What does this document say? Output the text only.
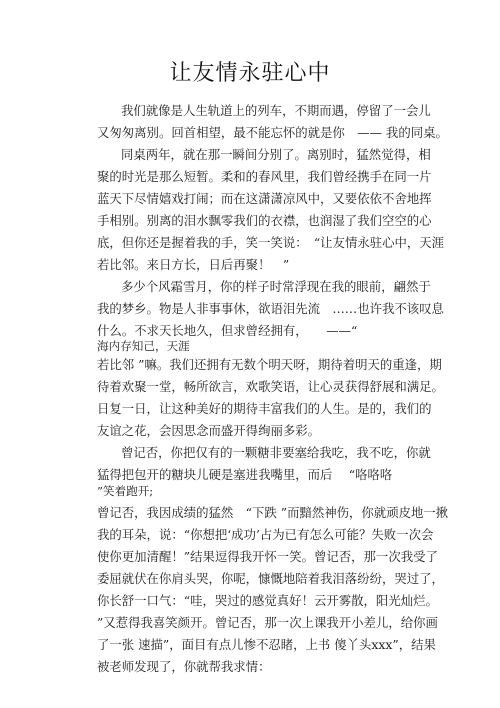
让友情永驻心中
我们就像是人生轨道上的列车，不期而遇，停留了一会儿
又匆匆离别。回首相望，最不能忘怀的就是你　—— 我的同桌。
同桌两年，就在那一瞬间分别了。离别时，猛然觉得，相
聚的时光是那么短暂。柔和的春风里，我们曾经携手在同一片
蓝天下尽情嬉戏打闹；而在这潇潇凉风中，又要依依不舍地挥
手相别。别离的泪水飘零我们的衣襟，也润湿了我们空空的心
底，但你还是握着我的手，笑一笑说：　“让友情永驻心中，天涯
若比邻。来日方长，日后再聚！　”
多少个风霜雪月，你的样子时常浮现在我的眼前，翩然于
我的梦乡。物是人非事事休，欲语泪先流　……也许我不该叹息
什么。不求天长地久，但求曾经拥有，　　——“
海内存知己，天涯
若比邻 ”嘛。我们还拥有无数个明天呀，期待着明天的重逢，期
待着欢聚一堂，畅所欲言，欢歌笑语，让心灵获得舒展和满足。
日复一日，让这种美好的期待丰富我们的人生。是的，我们的
友谊之花，会因思念而盛开得绚丽多彩。
曾记否，你把仅有的一颗糖非要塞给我吃，我不吃，你就
猛得把包开的糖块儿硬是塞进我嘴里，而后　 “咯咯咯
”笑着跑开;
曾记否，我因成绩的猛然　“下跌 ”而黯然神伤，你就顽皮地一揪
我的耳朵，说：“你想把‘成功’占为已有怎么可能？失败一次会
使你更加清醒！”结果逗得我开怀一笑。曾记否，那一次我受了
委屈就伏在你肩头哭，你呢，慷慨地陪着我泪落纷纷，哭过了，
你长舒一口气：“哇，哭过的感觉真好！云开雾散，阳光灿烂。
”又惹得我喜笑颜开。曾记否，那一次上课我开小差儿，给你画
了一张 速描”，面目有点儿惨不忍睹，上书 傻丫头xxx”，结果
被老师发现了，你就帮我求情：
